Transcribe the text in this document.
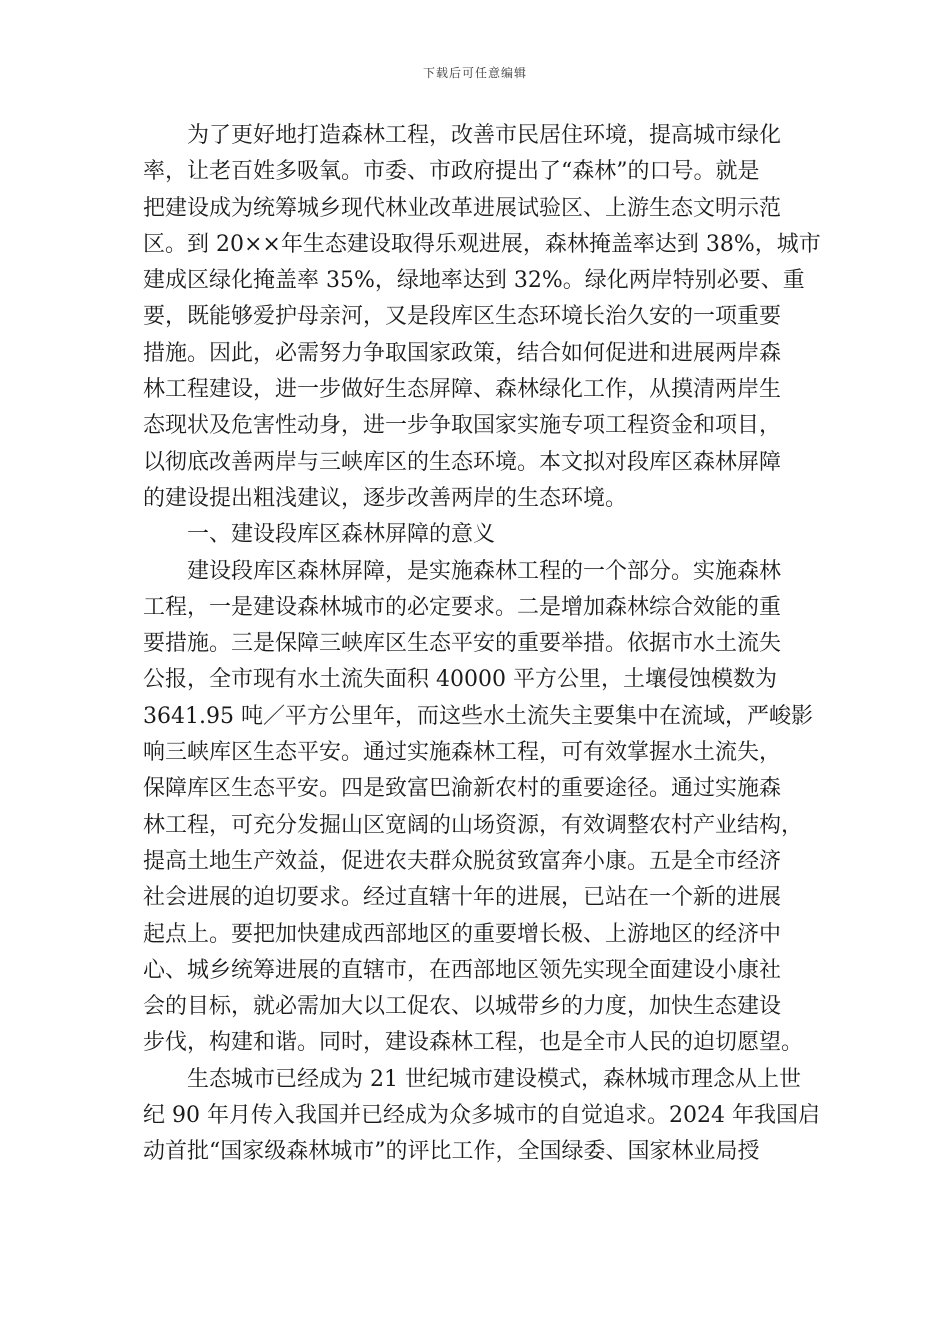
下载后可任意编辑
为了更好地打造森林工程，改善市民居住环境，提高城市绿化
率，让老百姓多吸氧。市委、市政府提出了“森林”的口号。就是
把建设成为统筹城乡现代林业改革进展试验区、上游生态文明示范
区。到 20××年生态建设取得乐观进展，森林掩盖率达到 38%，城市
建成区绿化掩盖率 35%，绿地率达到 32%。绿化两岸特别必要、重
要，既能够爱护母亲河，又是段库区生态环境长治久安的一项重要
措施。因此，必需努力争取国家政策，结合如何促进和进展两岸森
林工程建设，进一步做好生态屏障、森林绿化工作，从摸清两岸生
态现状及危害性动身，进一步争取国家实施专项工程资金和项目，
以彻底改善两岸与三峡库区的生态环境。本文拟对段库区森林屏障
的建设提出粗浅建议，逐步改善两岸的生态环境。
一、建设段库区森林屏障的意义
建设段库区森林屏障，是实施森林工程的一个部分。实施森林
工程，一是建设森林城市的必定要求。二是增加森林综合效能的重
要措施。三是保障三峡库区生态平安的重要举措。依据市水土流失
公报，全市现有水土流失面积 40000 平方公里，土壤侵蚀模数为
3641.95 吨／平方公里年，而这些水土流失主要集中在流域，严峻影
响三峡库区生态平安。通过实施森林工程，可有效掌握水土流失，
保障库区生态平安。四是致富巴渝新农村的重要途径。通过实施森
林工程，可充分发掘山区宽阔的山场资源，有效调整农村产业结构，
提高土地生产效益，促进农夫群众脱贫致富奔小康。五是全市经济
社会进展的迫切要求。经过直辖十年的进展，已站在一个新的进展
起点上。要把加快建成西部地区的重要增长极、上游地区的经济中
心、城乡统筹进展的直辖市，在西部地区领先实现全面建设小康社
会的目标，就必需加大以工促农、以城带乡的力度，加快生态建设
步伐，构建和谐。同时，建设森林工程，也是全市人民的迫切愿望。
生态城市已经成为 21 世纪城市建设模式，森林城市理念从上世
纪 90 年月传入我国并已经成为众多城市的自觉追求。2024 年我国启
动首批“国家级森林城市”的评比工作，全国绿委、国家林业局授
